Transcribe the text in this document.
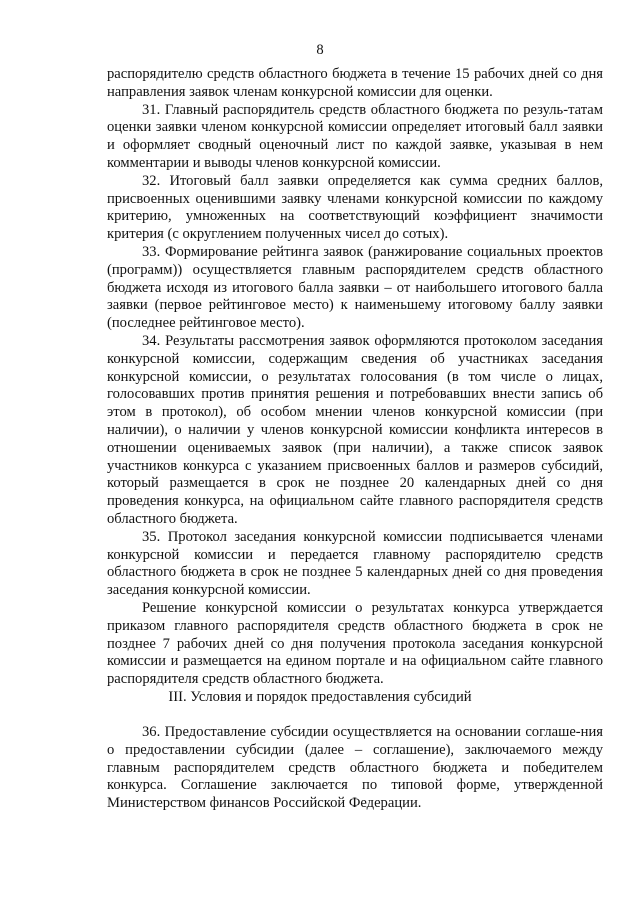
8

распорядителю средств областного бюджета в течение 15 рабочих дней со дня направления заявок членам конкурсной комиссии для оценки.

31. Главный распорядитель средств областного бюджета по резуль-татам оценки заявки членом конкурсной комиссии определяет итоговый балл заявки и оформляет сводный оценочный лист по каждой заявке, указывая в нем комментарии и выводы членов конкурсной комиссии.

32. Итоговый балл заявки определяется как сумма средних баллов, присвоенных оценившими заявку членами конкурсной комиссии по каждому критерию, умноженных на соответствующий коэффициент значимости критерия (с округлением полученных чисел до сотых).

33. Формирование рейтинга заявок (ранжирование социальных проектов (программ)) осуществляется главным распорядителем средств областного бюджета исходя из итогового балла заявки – от наибольшего итогового балла заявки (первое рейтинговое место) к наименьшему итоговому баллу заявки (последнее рейтинговое место).

34. Результаты рассмотрения заявок оформляются протоколом заседания конкурсной комиссии, содержащим сведения об участниках заседания конкурсной комиссии, о результатах голосования (в том числе о лицах, голосовавших против принятия решения и потребовавших внести запись об этом в протокол), об особом мнении членов конкурсной комиссии (при наличии), о наличии у членов конкурсной комиссии конфликта интересов в отношении оцениваемых заявок (при наличии), а также список заявок участников конкурса с указанием присвоенных баллов и размеров субсидий, который размещается в срок не позднее 20 календарных дней со дня проведения конкурса, на официальном сайте главного распорядителя средств областного бюджета.

35. Протокол заседания конкурсной комиссии подписывается членами конкурсной комиссии и передается главному распорядителю средств областного бюджета в срок не позднее 5 календарных дней со дня проведения заседания конкурсной комиссии.

Решение конкурсной комиссии о результатах конкурса утверждается приказом главного распорядителя средств областного бюджета в срок не позднее 7 рабочих дней со дня получения протокола заседания конкурсной комиссии и размещается на едином портале и на официальном сайте главного распорядителя средств областного бюджета.

III. Условия и порядок предоставления субсидий

36. Предоставление субсидии осуществляется на основании соглаше-ния о предоставлении субсидии (далее – соглашение), заключаемого между главным распорядителем средств областного бюджета и победителем конкурса. Соглашение заключается по типовой форме, утвержденной Министерством финансов Российской Федерации.
